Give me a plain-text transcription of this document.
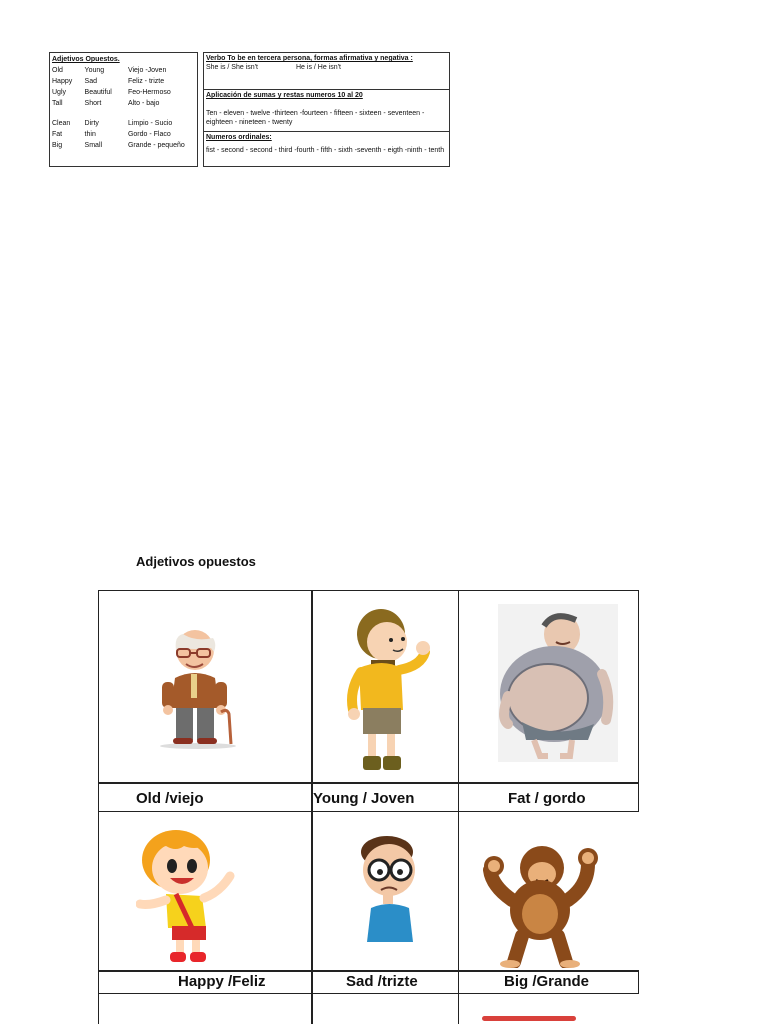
Adjetivos Opuestos.
Old	Young	Viejo -Joven
Happy	Sad	Feliz - trizte
Ugly	Beautiful	Feo-Hermoso
Tall	Short	Alto - bajo
Clean	Dirty	Limpio - Sucio
Fat	thin	Gordo - Flaco
Big	Small	Grande - pequeño
Verbo To be en tercera persona, formas afirmativa y negativa :
She is / She isn't	He is / He isn't
Aplicación de sumas y restas numeros 10 al 20
Ten - eleven - twelve -thirteen -fourteen - fifteen - sixteen - seventeen -eighteen - nineteen - twenty
Numeros ordinales:
fist - second - second - third -fourth - fifth - sixth -seventh - eigth -ninth - tenth
Adjetivos opuestos
Old /viejo	Young / Joven	Fat / gordo
Happy /Feliz	Sad /trizte	Big /Grande
